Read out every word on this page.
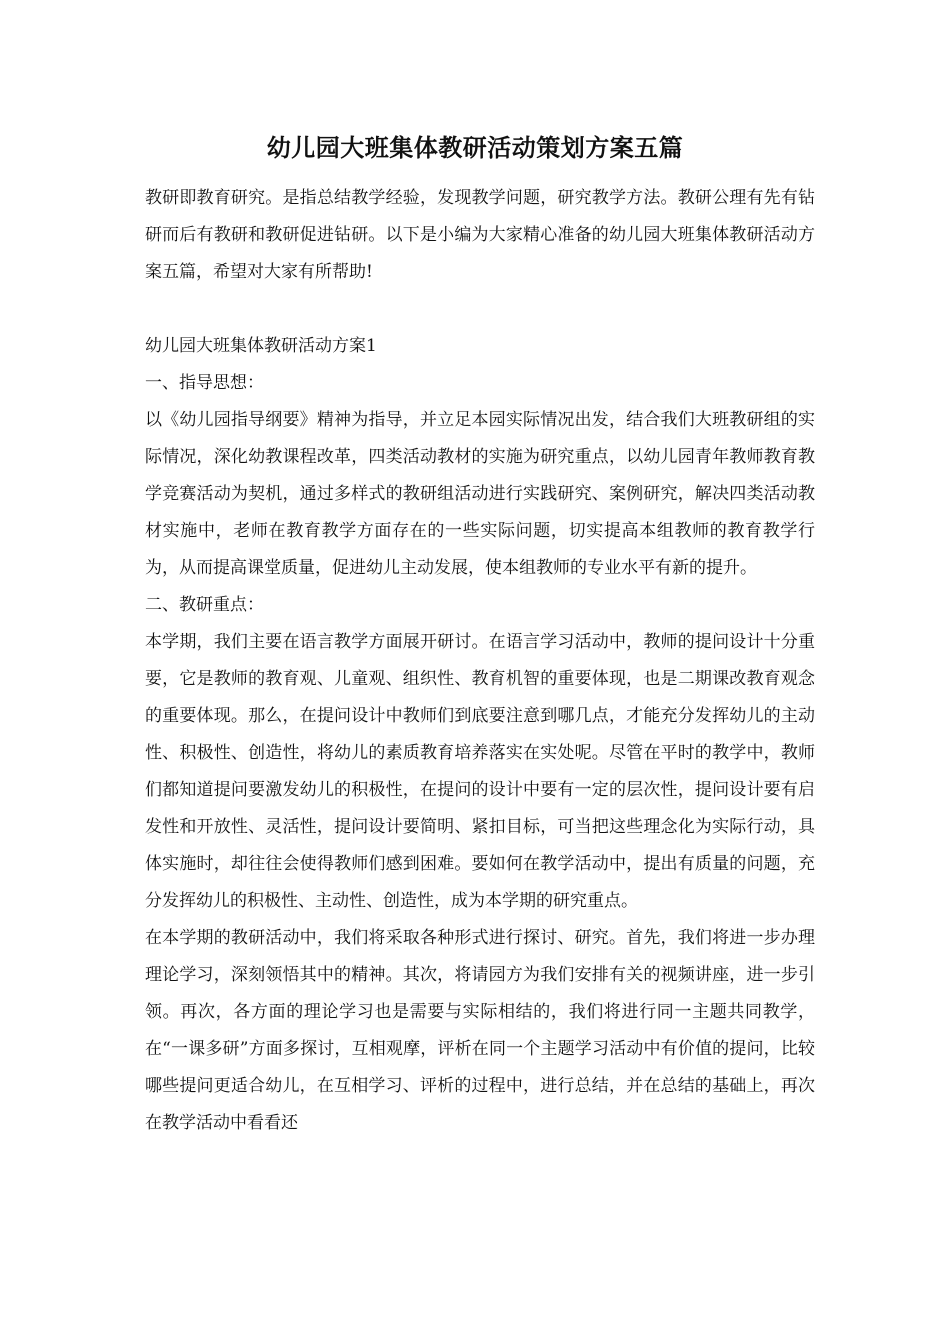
幼儿园大班集体教研活动策划方案五篇

教研即教育研究。是指总结教学经验，发现教学问题，研究教学方法。教研公理有先有钻研而后有教研和教研促进钻研。以下是小编为大家精心准备的幼儿园大班集体教研活动方案五篇，希望对大家有所帮助!

幼儿园大班集体教研活动方案1

一、指导思想：

以《幼儿园指导纲要》精神为指导，并立足本园实际情况出发，结合我们大班教研组的实际情况，深化幼教课程改革，四类活动教材的实施为研究重点，以幼儿园青年教师教育教学竞赛活动为契机，通过多样式的教研组活动进行实践研究、案例研究，解决四类活动教材实施中，老师在教育教学方面存在的一些实际问题，切实提高本组教师的教育教学行为，从而提高课堂质量，促进幼儿主动发展，使本组教师的专业水平有新的提升。

二、教研重点：

本学期，我们主要在语言教学方面展开研讨。在语言学习活动中，教师的提问设计十分重要，它是教师的教育观、儿童观、组织性、教育机智的重要体现，也是二期课改教育观念的重要体现。那么，在提问设计中教师们到底要注意到哪几点，才能充分发挥幼儿的主动性、积极性、创造性，将幼儿的素质教育培养落实在实处呢。尽管在平时的教学中，教师们都知道提问要激发幼儿的积极性，在提问的设计中要有一定的层次性，提问设计要有启发性和开放性、灵活性，提问设计要简明、紧扣目标，可当把这些理念化为实际行动，具体实施时，却往往会使得教师们感到困难。要如何在教学活动中，提出有质量的问题，充分发挥幼儿的积极性、主动性、创造性，成为本学期的研究重点。

在本学期的教研活动中，我们将采取各种形式进行探讨、研究。首先，我们将进一步办理理论学习，深刻领悟其中的精神。其次，将请园方为我们安排有关的视频讲座，进一步引领。再次，各方面的理论学习也是需要与实际相结的，我们将进行同一主题共同教学，在“一课多研”方面多探讨，互相观摩，评析在同一个主题学习活动中有价值的提问，比较哪些提问更适合幼儿，在互相学习、评析的过程中，进行总结，并在总结的基础上，再次在教学活动中看看还
